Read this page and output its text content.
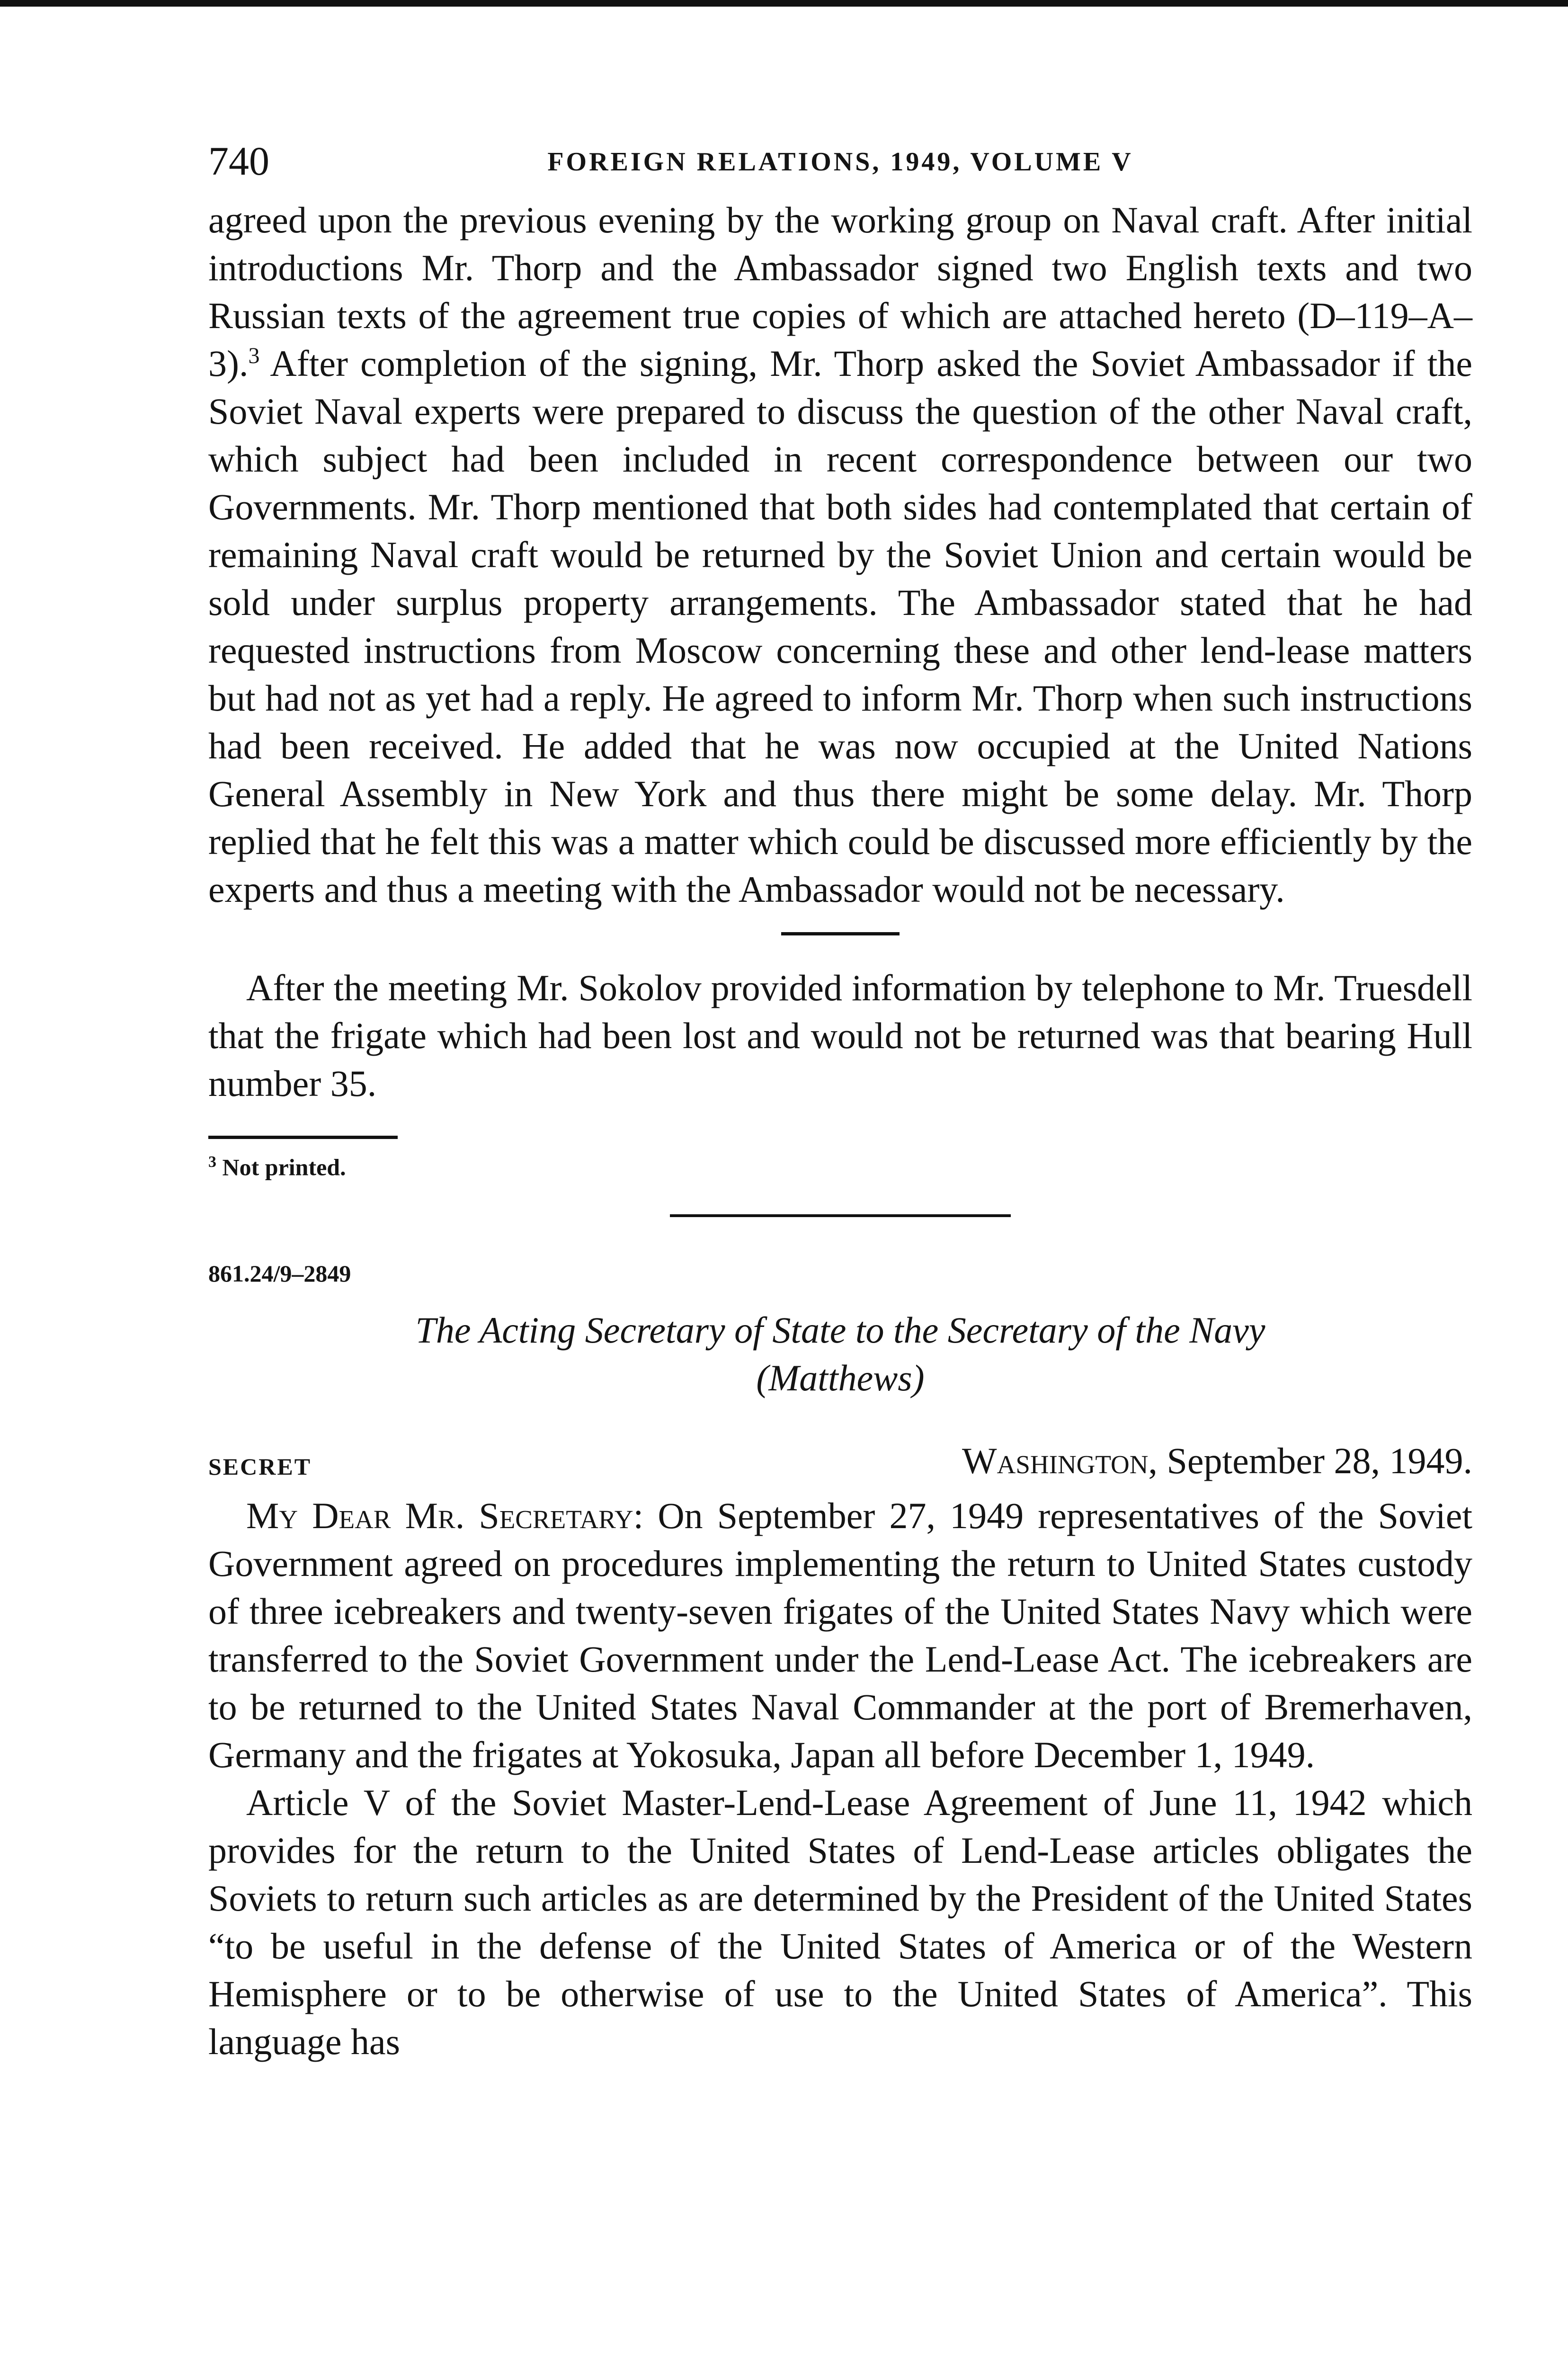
740	FOREIGN RELATIONS, 1949, VOLUME V

agreed upon the previous evening by the working group on Naval craft. After initial introductions Mr. Thorp and the Ambassador signed two English texts and two Russian texts of the agreement true copies of which are attached hereto (D–119–A–3).$^3$ After completion of the signing, Mr. Thorp asked the Soviet Ambassador if the Soviet Naval experts were prepared to discuss the question of the other Naval craft, which subject had been included in recent correspondence between our two Governments. Mr. Thorp mentioned that both sides had contemplated that certain of remaining Naval craft would be returned by the Soviet Union and certain would be sold under surplus property arrangements. The Ambassador stated that he had requested instructions from Moscow concerning these and other lend-lease matters but had not as yet had a reply. He agreed to inform Mr. Thorp when such instructions had been received. He added that he was now occupied at the United Nations General Assembly in New York and thus there might be some delay. Mr. Thorp replied that he felt this was a matter which could be discussed more efficiently by the experts and thus a meeting with the Ambassador would not be necessary.

After the meeting Mr. Sokolov provided information by telephone to Mr. Truesdell that the frigate which had been lost and would not be returned was that bearing Hull number 35.

$^3$ Not printed.

861.24/9–2849

The Acting Secretary of State to the Secretary of the Navy

(Matthews)

SECRET	Washington, September 28, 1949.

My Dear Mr. Secretary: On September 27, 1949 representatives of the Soviet Government agreed on procedures implementing the return to United States custody of three icebreakers and twenty-seven frigates of the United States Navy which were transferred to the Soviet Government under the Lend-Lease Act. The icebreakers are to be returned to the United States Naval Commander at the port of Bremerhaven, Germany and the frigates at Yokosuka, Japan all before December 1, 1949.

Article V of the Soviet Master-Lend-Lease Agreement of June 11, 1942 which provides for the return to the United States of Lend-Lease articles obligates the Soviets to return such articles as are determined by the President of the United States “to be useful in the defense of the United States of America or of the Western Hemisphere or to be otherwise of use to the United States of America”. This language has
